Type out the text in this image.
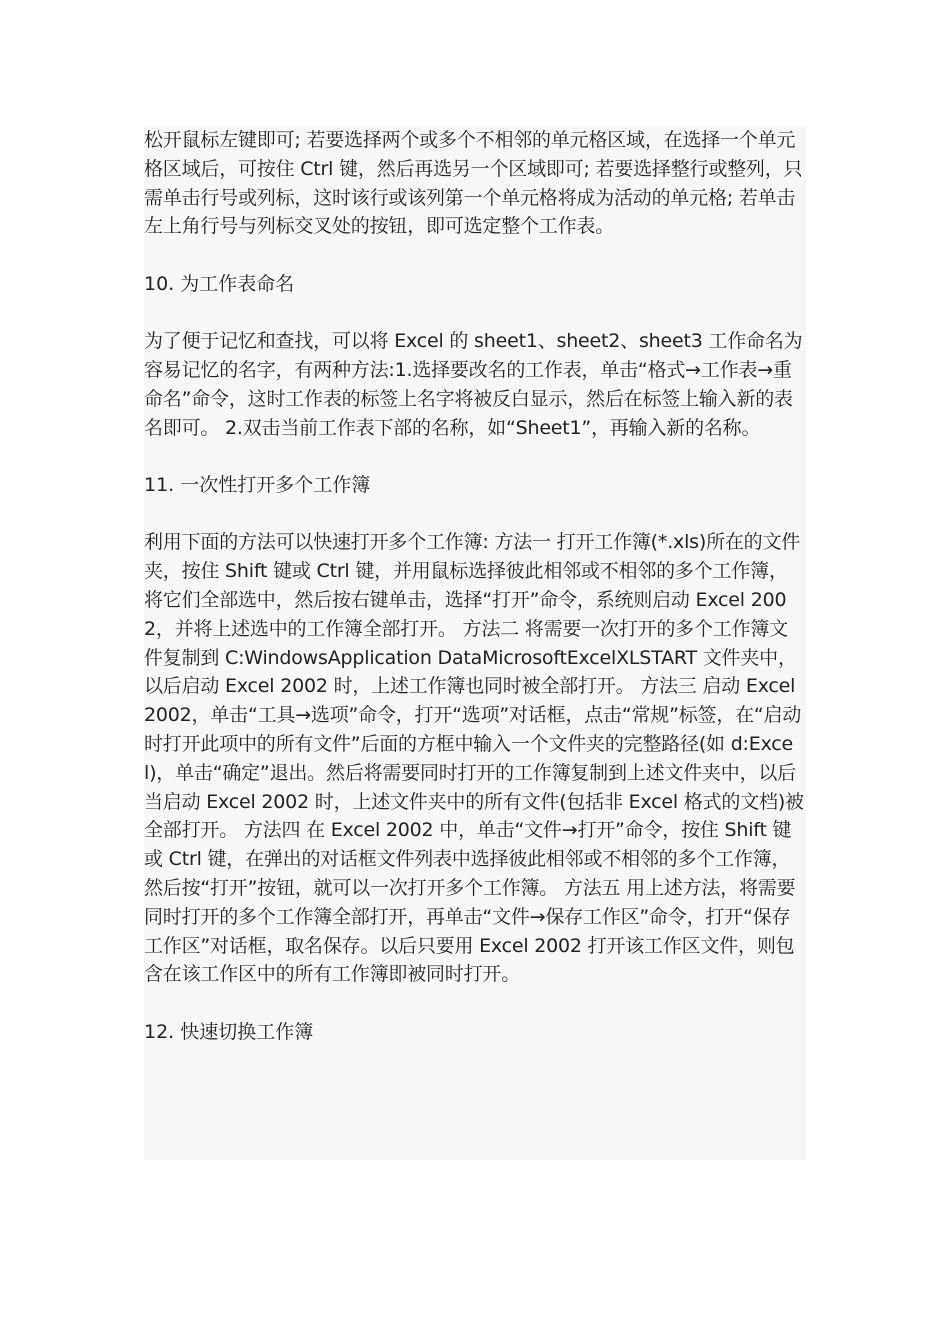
松开鼠标左键即可; 若要选择两个或多个不相邻的单元格区域，在选择一个单元格区域后，可按住 Ctrl 键，然后再选另一个区域即可; 若要选择整行或整列，只需单击行号或列标，这时该行或该列第一个单元格将成为活动的单元格; 若单击左上角行号与列标交叉处的按钮，即可选定整个工作表。

10. 为工作表命名

为了便于记忆和查找，可以将 Excel 的 sheet1、sheet2、sheet3 工作命名为容易记忆的名字，有两种方法:1.选择要改名的工作表，单击“格式→工作表→重命名”命令，这时工作表的标签上名字将被反白显示，然后在标签上输入新的表名即可。 2.双击当前工作表下部的名称，如“Sheet1”，再输入新的名称。

11. 一次性打开多个工作簿

利用下面的方法可以快速打开多个工作簿: 方法一 打开工作簿(*.xls)所在的文件夹，按住 Shift 键或 Ctrl 键，并用鼠标选择彼此相邻或不相邻的多个工作簿，将它们全部选中，然后按右键单击，选择“打开”命令，系统则启动 Excel 2002，并将上述选中的工作簿全部打开。 方法二 将需要一次打开的多个工作簿文件复制到 C:WindowsApplication DataMicrosoftExcelXLSTART 文件夹中，以后启动 Excel 2002 时，上述工作簿也同时被全部打开。 方法三 启动 Excel 2002，单击“工具→选项”命令，打开“选项”对话框，点击“常规”标签，在“启动时打开此项中的所有文件”后面的方框中输入一个文件夹的完整路径(如 d:Excel)，单击“确定”退出。然后将需要同时打开的工作簿复制到上述文件夹中，以后当启动 Excel 2002 时，上述文件夹中的所有文件(包括非 Excel 格式的文档)被全部打开。 方法四 在 Excel 2002 中，单击“文件→打开”命令，按住 Shift 键或 Ctrl 键，在弹出的对话框文件列表中选择彼此相邻或不相邻的多个工作簿，然后按“打开”按钮，就可以一次打开多个工作簿。 方法五 用上述方法，将需要同时打开的多个工作簿全部打开，再单击“文件→保存工作区”命令，打开“保存工作区”对话框，取名保存。以后只要用 Excel 2002 打开该工作区文件，则包含在该工作区中的所有工作簿即被同时打开。

12. 快速切换工作簿
